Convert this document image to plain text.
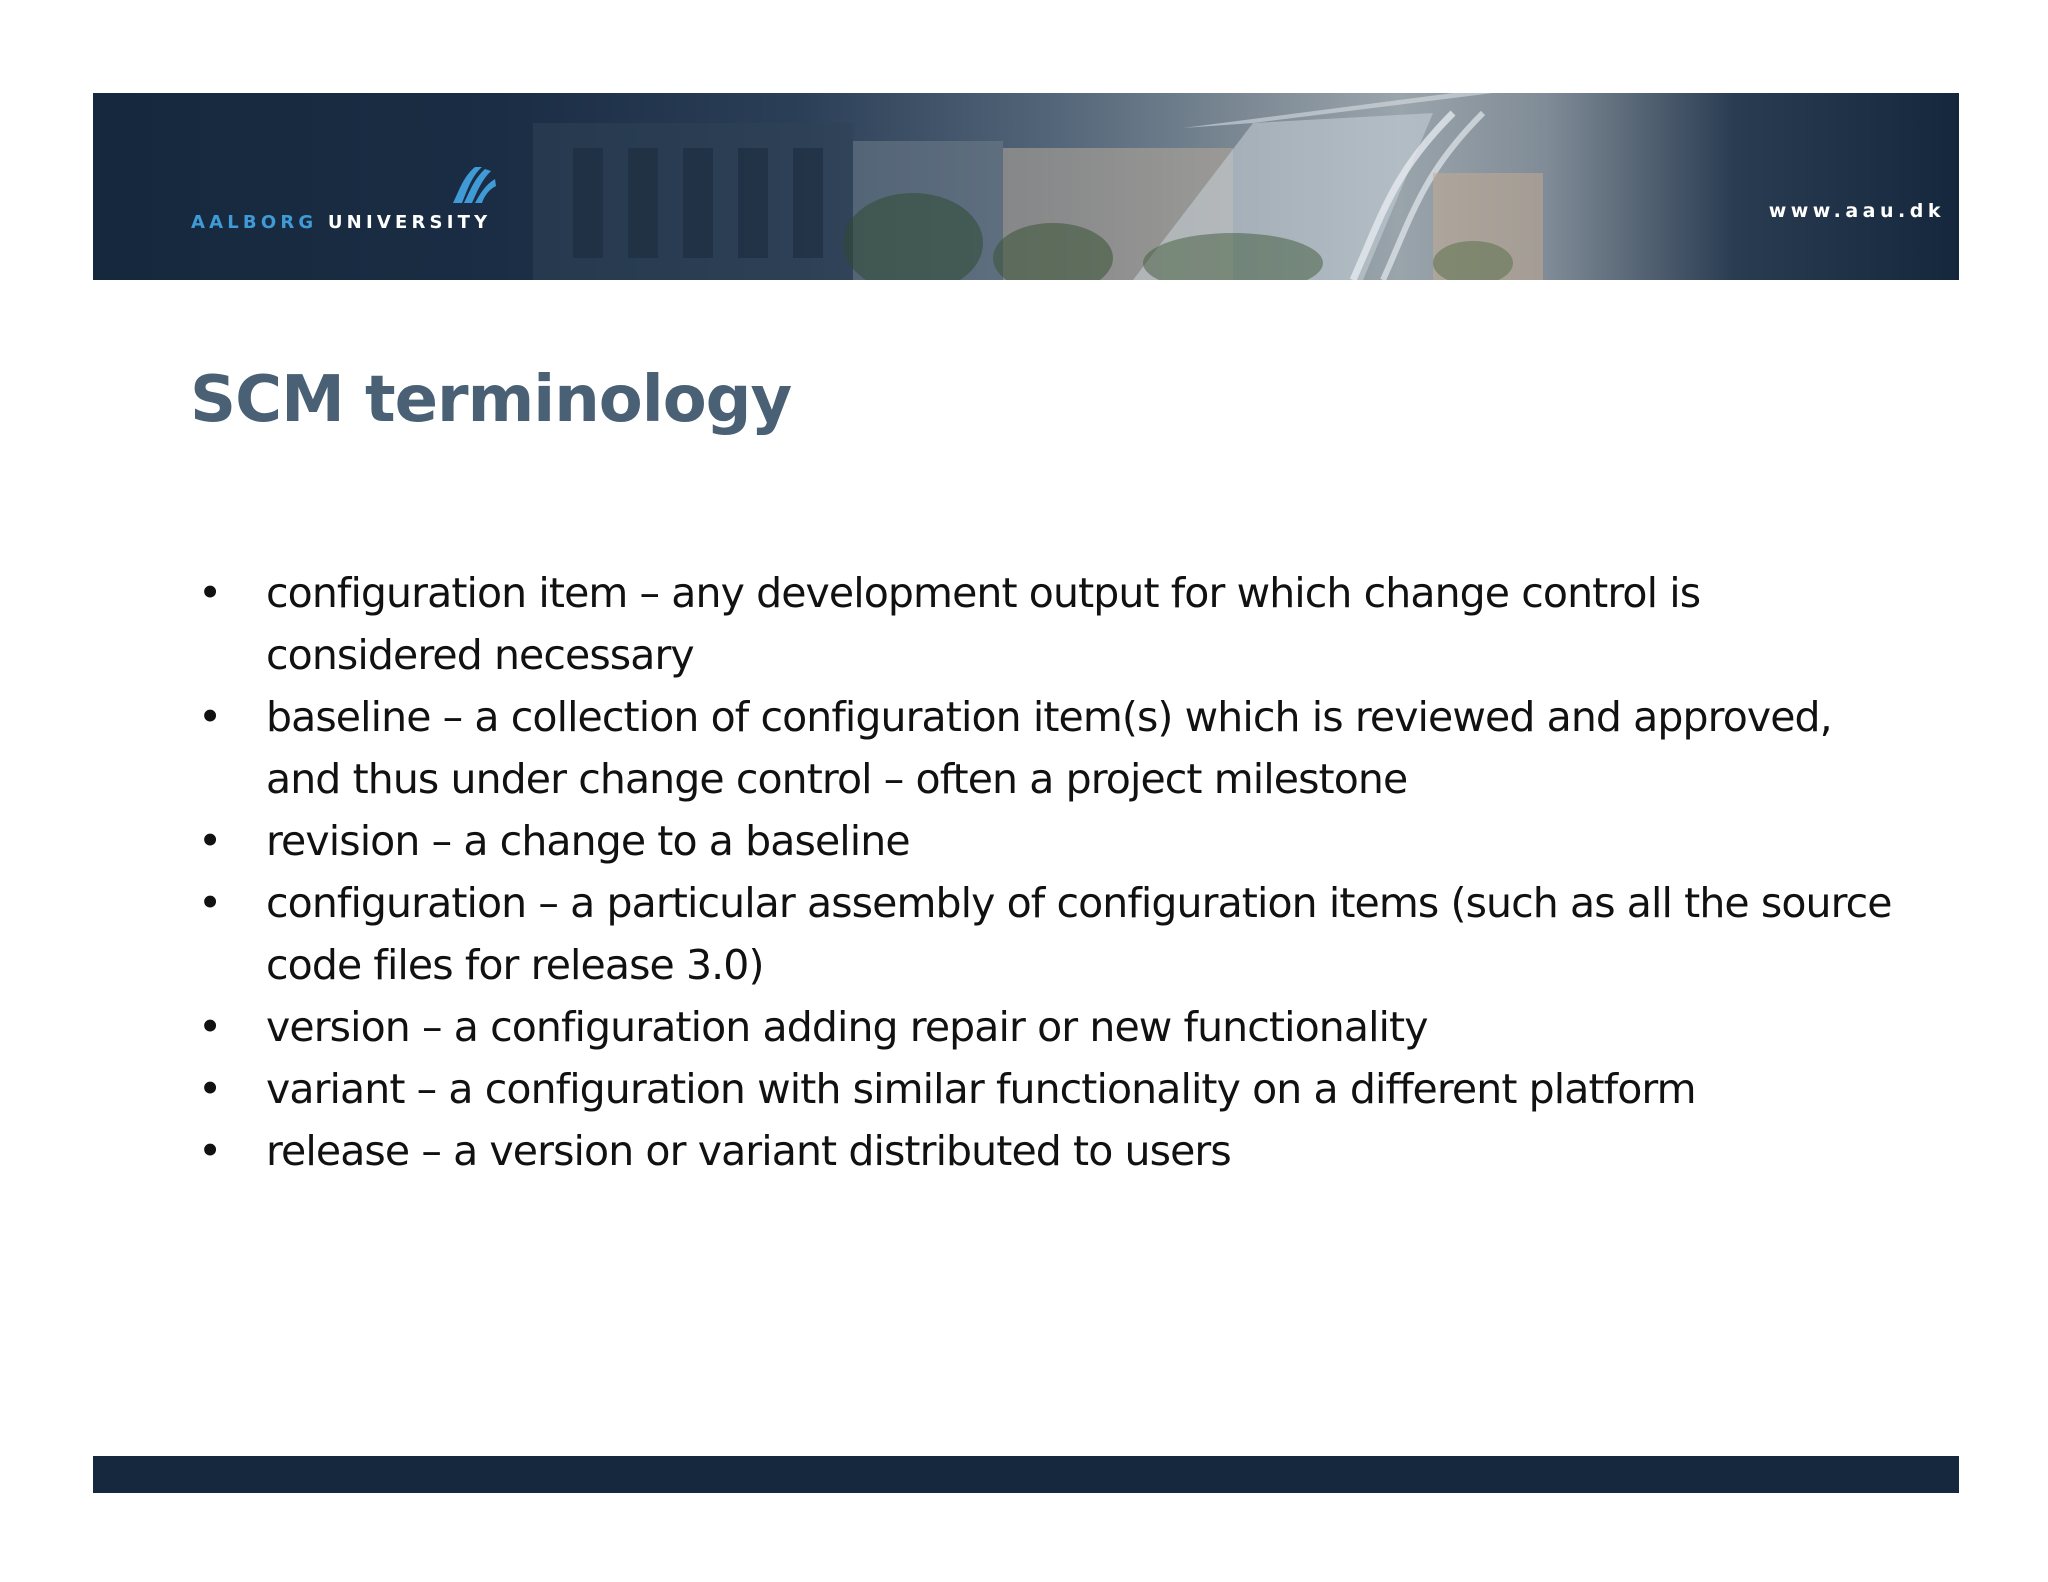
AALBORG UNIVERSITY
www.aau.dk
SCM terminology
• configuration item – any development output for which change control is considered necessary
• baseline – a collection of configuration item(s) which is reviewed and approved, and thus under change control – often a project milestone
• revision – a change to a baseline
• configuration – a particular assembly of configuration items (such as all the source code files for release 3.0)
• version – a configuration adding repair or new functionality
• variant – a configuration with similar functionality on a different platform
• release – a version or variant distributed to users
